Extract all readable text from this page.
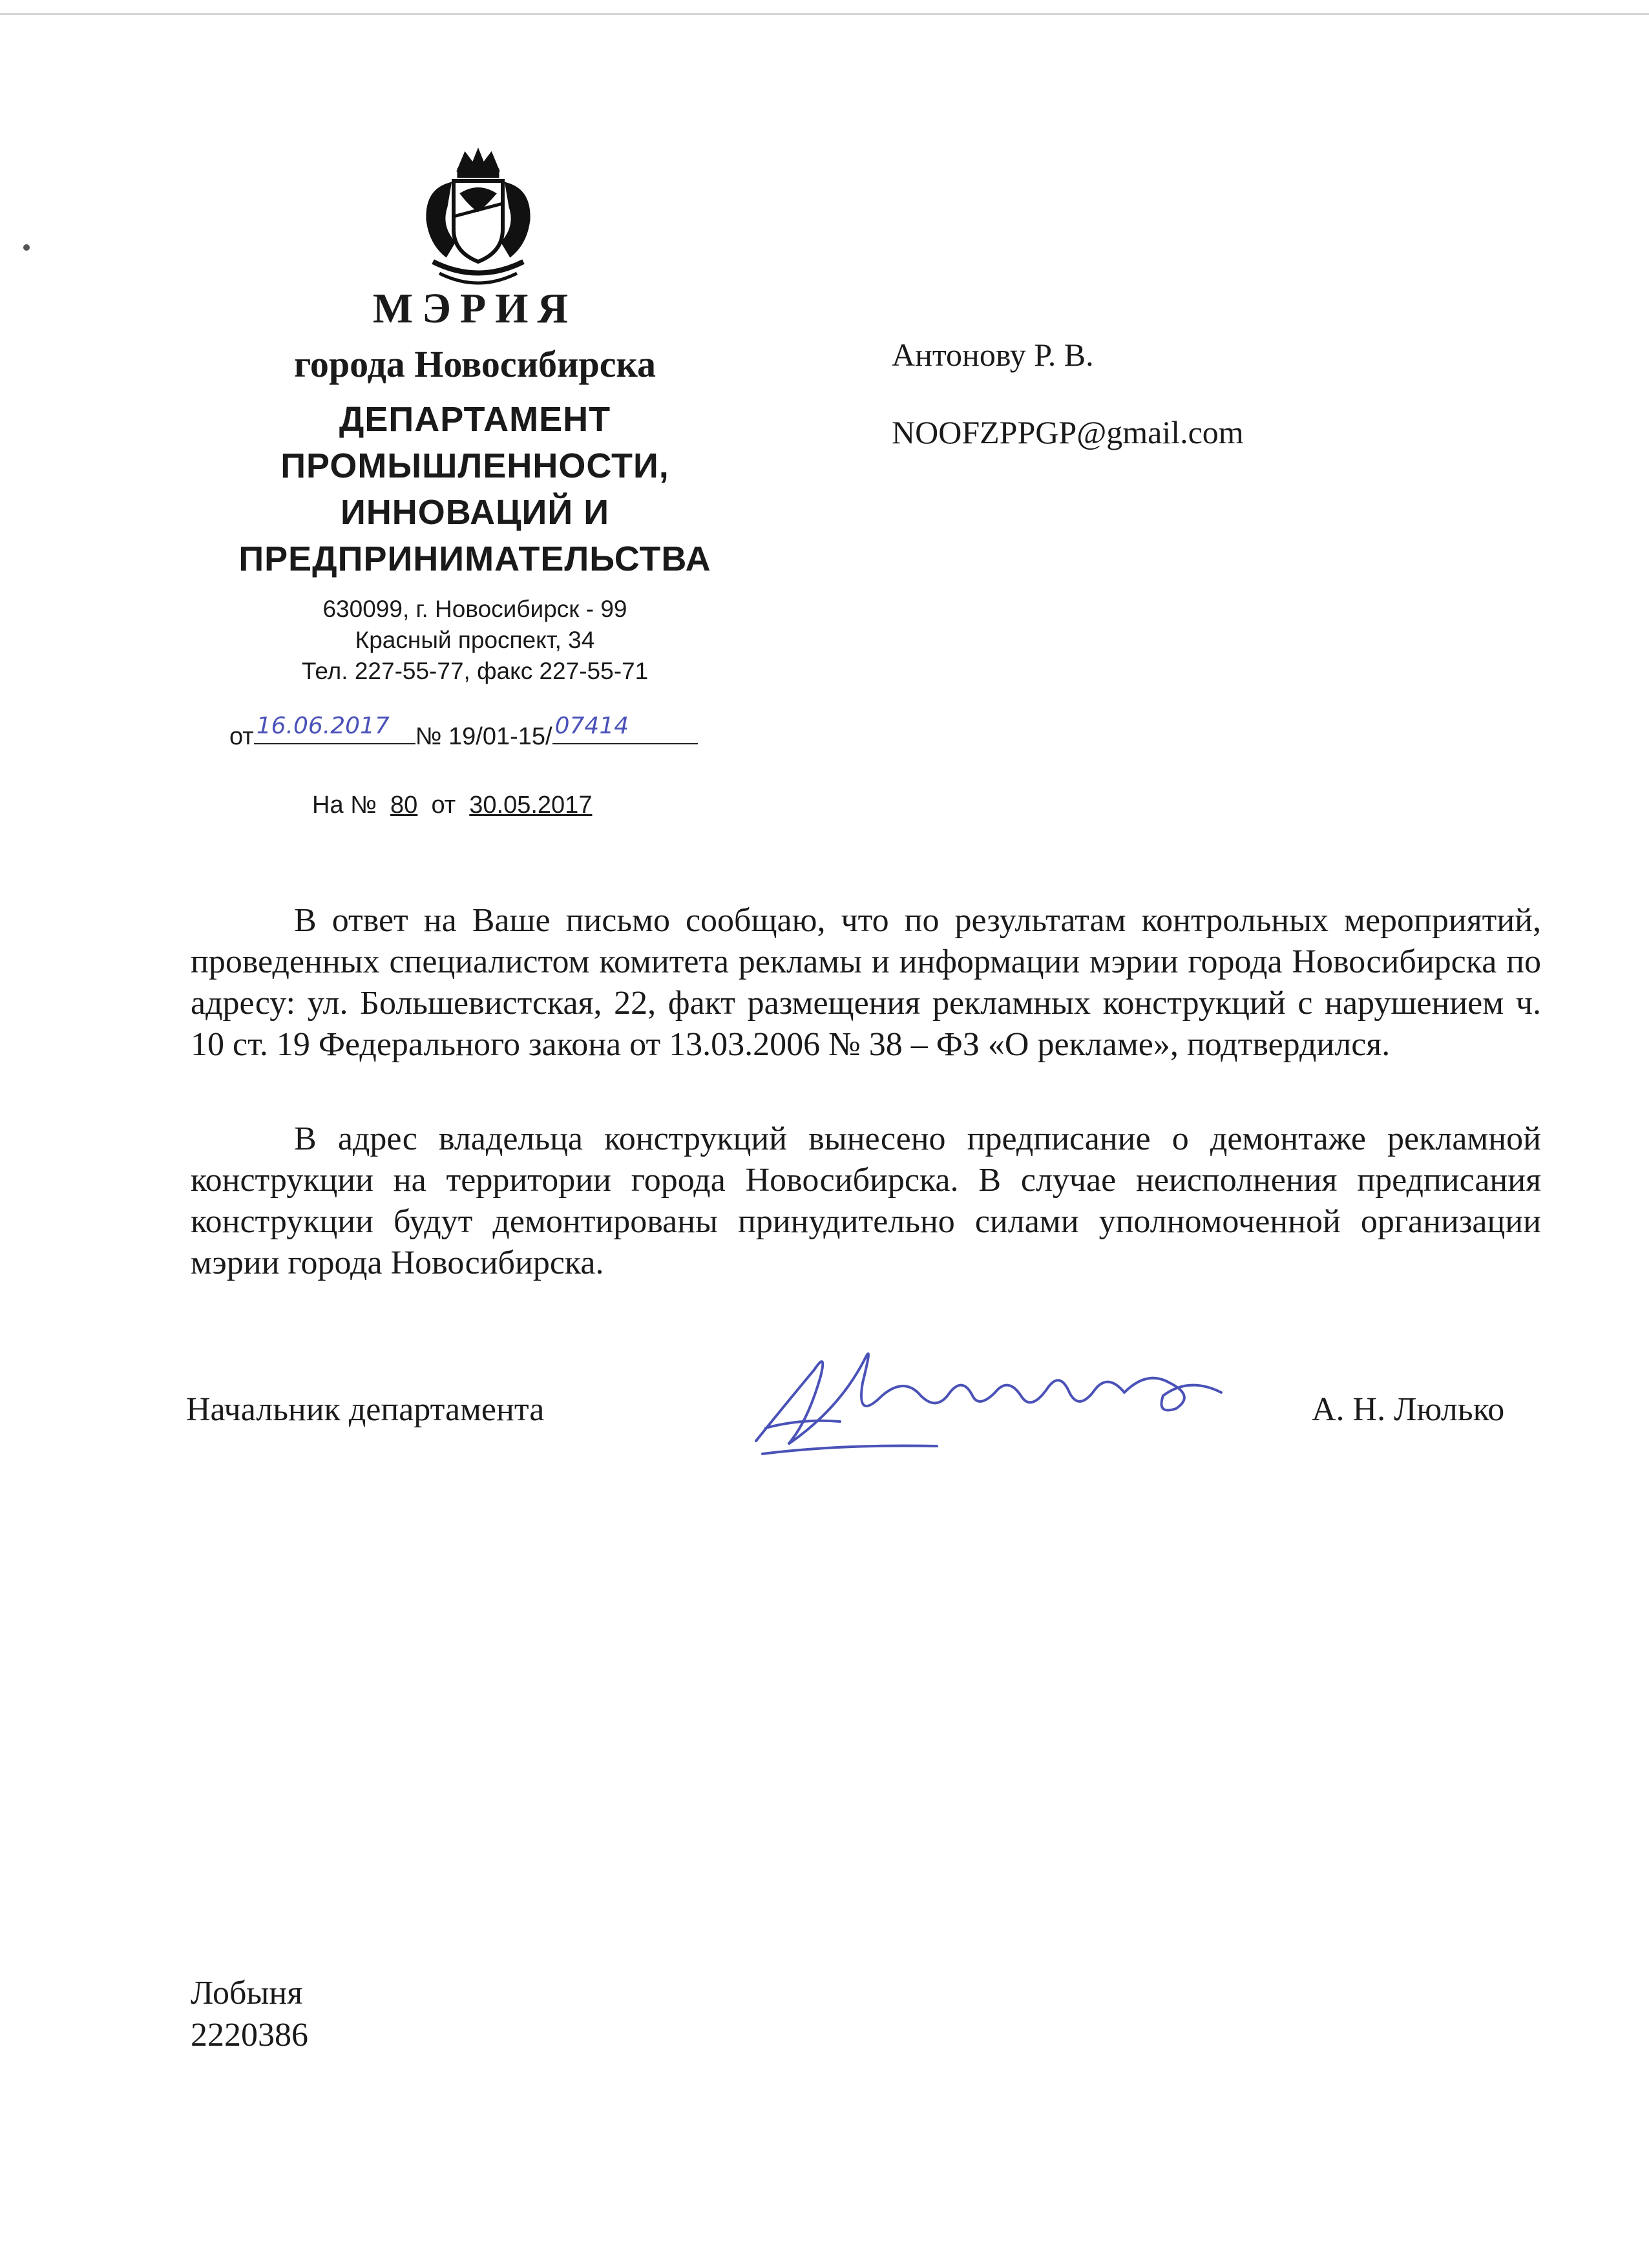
МЭРИЯ
города Новосибирска
ДЕПАРТАМЕНТ
ПРОМЫШЛЕННОСТИ,
ИННОВАЦИЙ И
ПРЕДПРИНИМАТЕЛЬСТВА
630099, г. Новосибирск - 99
Красный проспект, 34
Тел. 227-55-77, факс 227-55-71
от 16.06.2017 № 19/01-15/ 07414
На № 80 от 30.05.2017
Антонову Р. В.
NOOFZPPGP@gmail.com

В ответ на Ваше письмо сообщаю, что по результатам контрольных мероприятий, проведенных специалистом комитета рекламы и информации мэрии города Новосибирска по адресу: ул. Большевистская, 22, факт размещения рекламных конструкций с нарушением ч. 10 ст. 19 Федерального закона от 13.03.2006 № 38 – ФЗ «О рекламе», подтвердился.

В адрес владельца конструкций вынесено предписание о демонтаже рекламной конструкции на территории города Новосибирска. В случае неисполнения предписания конструкции будут демонтированы принудительно силами уполномоченной организации мэрии города Новосибирска.

Начальник департамента	А. Н. Люлько
Лобыня
2220386
